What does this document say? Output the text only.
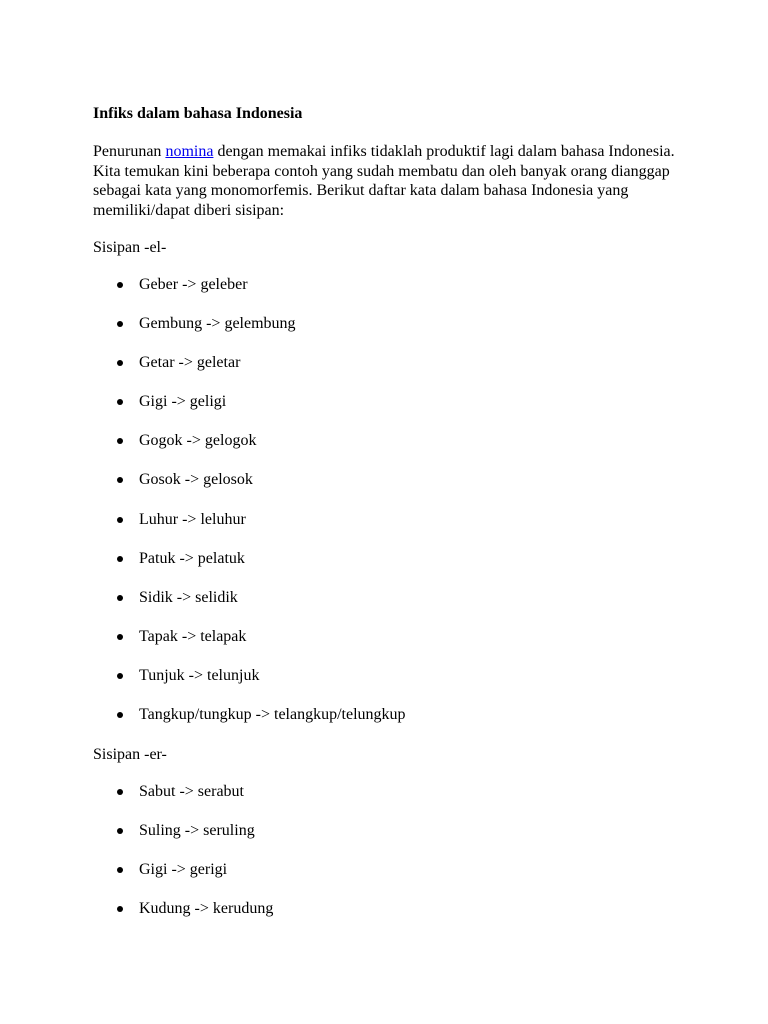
Infiks dalam bahasa Indonesia

Penurunan nomina dengan memakai infiks tidaklah produktif lagi dalam bahasa Indonesia. Kita temukan kini beberapa contoh yang sudah membatu dan oleh banyak orang dianggap sebagai kata yang monomorfemis. Berikut daftar kata dalam bahasa Indonesia yang memiliki/dapat diberi sisipan:

Sisipan -el-

Geber -> geleber
Gembung -> gelembung
Getar -> geletar
Gigi -> geligi
Gogok -> gelogok
Gosok -> gelosok
Luhur -> leluhur
Patuk -> pelatuk
Sidik -> selidik
Tapak -> telapak
Tunjuk -> telunjuk
Tangkup/tungkup -> telangkup/telungkup

Sisipan -er-

Sabut -> serabut
Suling -> seruling
Gigi -> gerigi
Kudung -> kerudung
